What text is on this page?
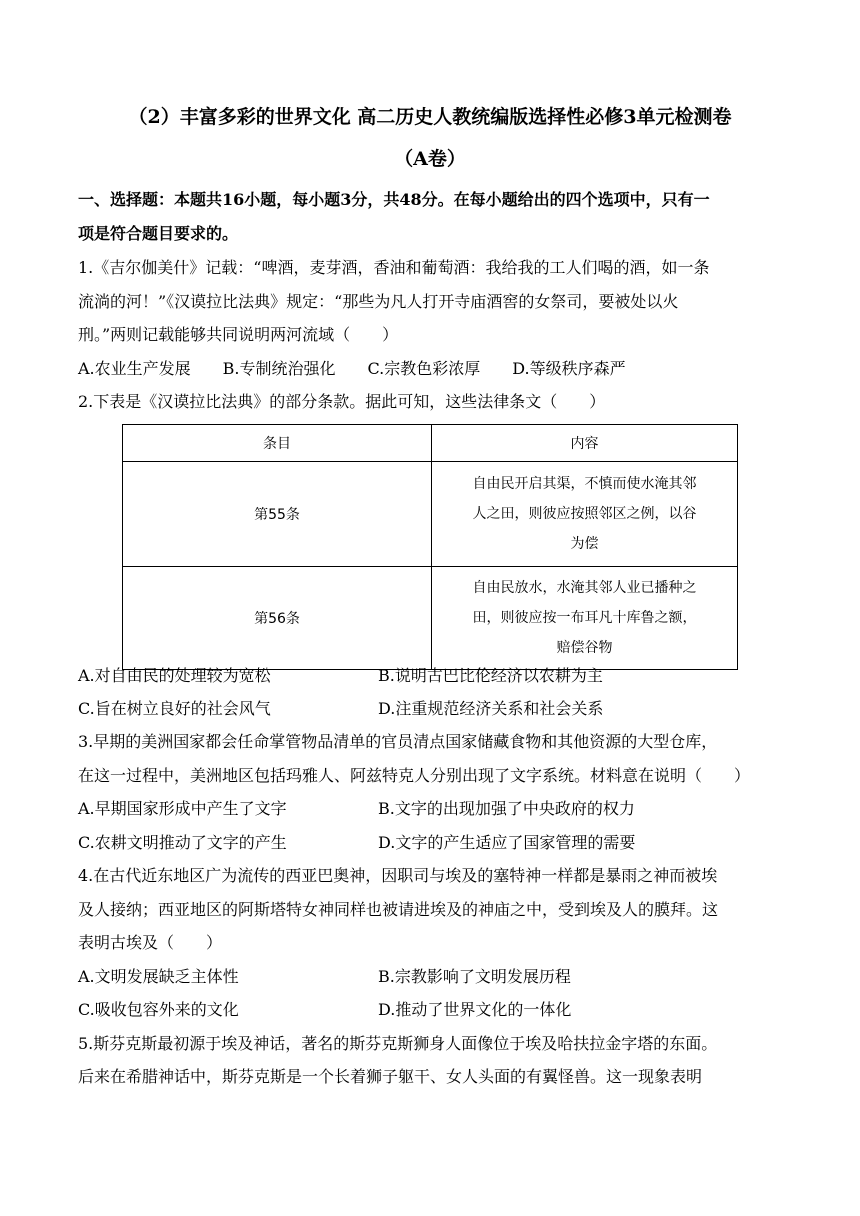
（2）丰富多彩的世界文化 高二历史人教统编版选择性必修3单元检测卷
（A卷）
一、选择题：本题共16小题，每小题3分，共48分。在每小题给出的四个选项中，只有一
项是符合题目要求的。
1.《吉尔伽美什》记载：“啤酒，麦芽酒，香油和葡萄酒：我给我的工人们喝的酒，如一条
流淌的河！”《汉谟拉比法典》规定：“那些为凡人打开寺庙酒窖的女祭司，要被处以火
刑。”两则记载能够共同说明两河流域（　　）
A.农业生产发展　　B.专制统治强化　　C.宗教色彩浓厚　　D.等级秩序森严
2.下表是《汉谟拉比法典》的部分条款。据此可知，这些法律条文（　　）
条目	内容
第55条	自由民开启其渠，不慎而使水淹其邻
人之田，则彼应按照邻区之例，以谷
为偿

第56条	自由民放水，水淹其邻人业已播种之
田，则彼应按一布耳凡十库鲁之额，
赔偿谷物
A.对自由民的处理较为宽松	B.说明古巴比伦经济以农耕为主
C.旨在树立良好的社会风气	D.注重规范经济关系和社会关系
3.早期的美洲国家都会任命掌管物品清单的官员清点国家储藏食物和其他资源的大型仓库，
在这一过程中，美洲地区包括玛雅人、阿兹特克人分别出现了文字系统。材料意在说明（　　）
A.早期国家形成中产生了文字	B.文字的出现加强了中央政府的权力
C.农耕文明推动了文字的产生	D.文字的产生适应了国家管理的需要
4.在古代近东地区广为流传的西亚巴奥神，因职司与埃及的塞特神一样都是暴雨之神而被埃
及人接纳；西亚地区的阿斯塔特女神同样也被请进埃及的神庙之中，受到埃及人的膜拜。这
表明古埃及（　　）
A.文明发展缺乏主体性	B.宗教影响了文明发展历程
C.吸收包容外来的文化	D.推动了世界文化的一体化
5.斯芬克斯最初源于埃及神话，著名的斯芬克斯狮身人面像位于埃及哈扶拉金字塔的东面。
后来在希腊神话中，斯芬克斯是一个长着狮子躯干、女人头面的有翼怪兽。这一现象表明
